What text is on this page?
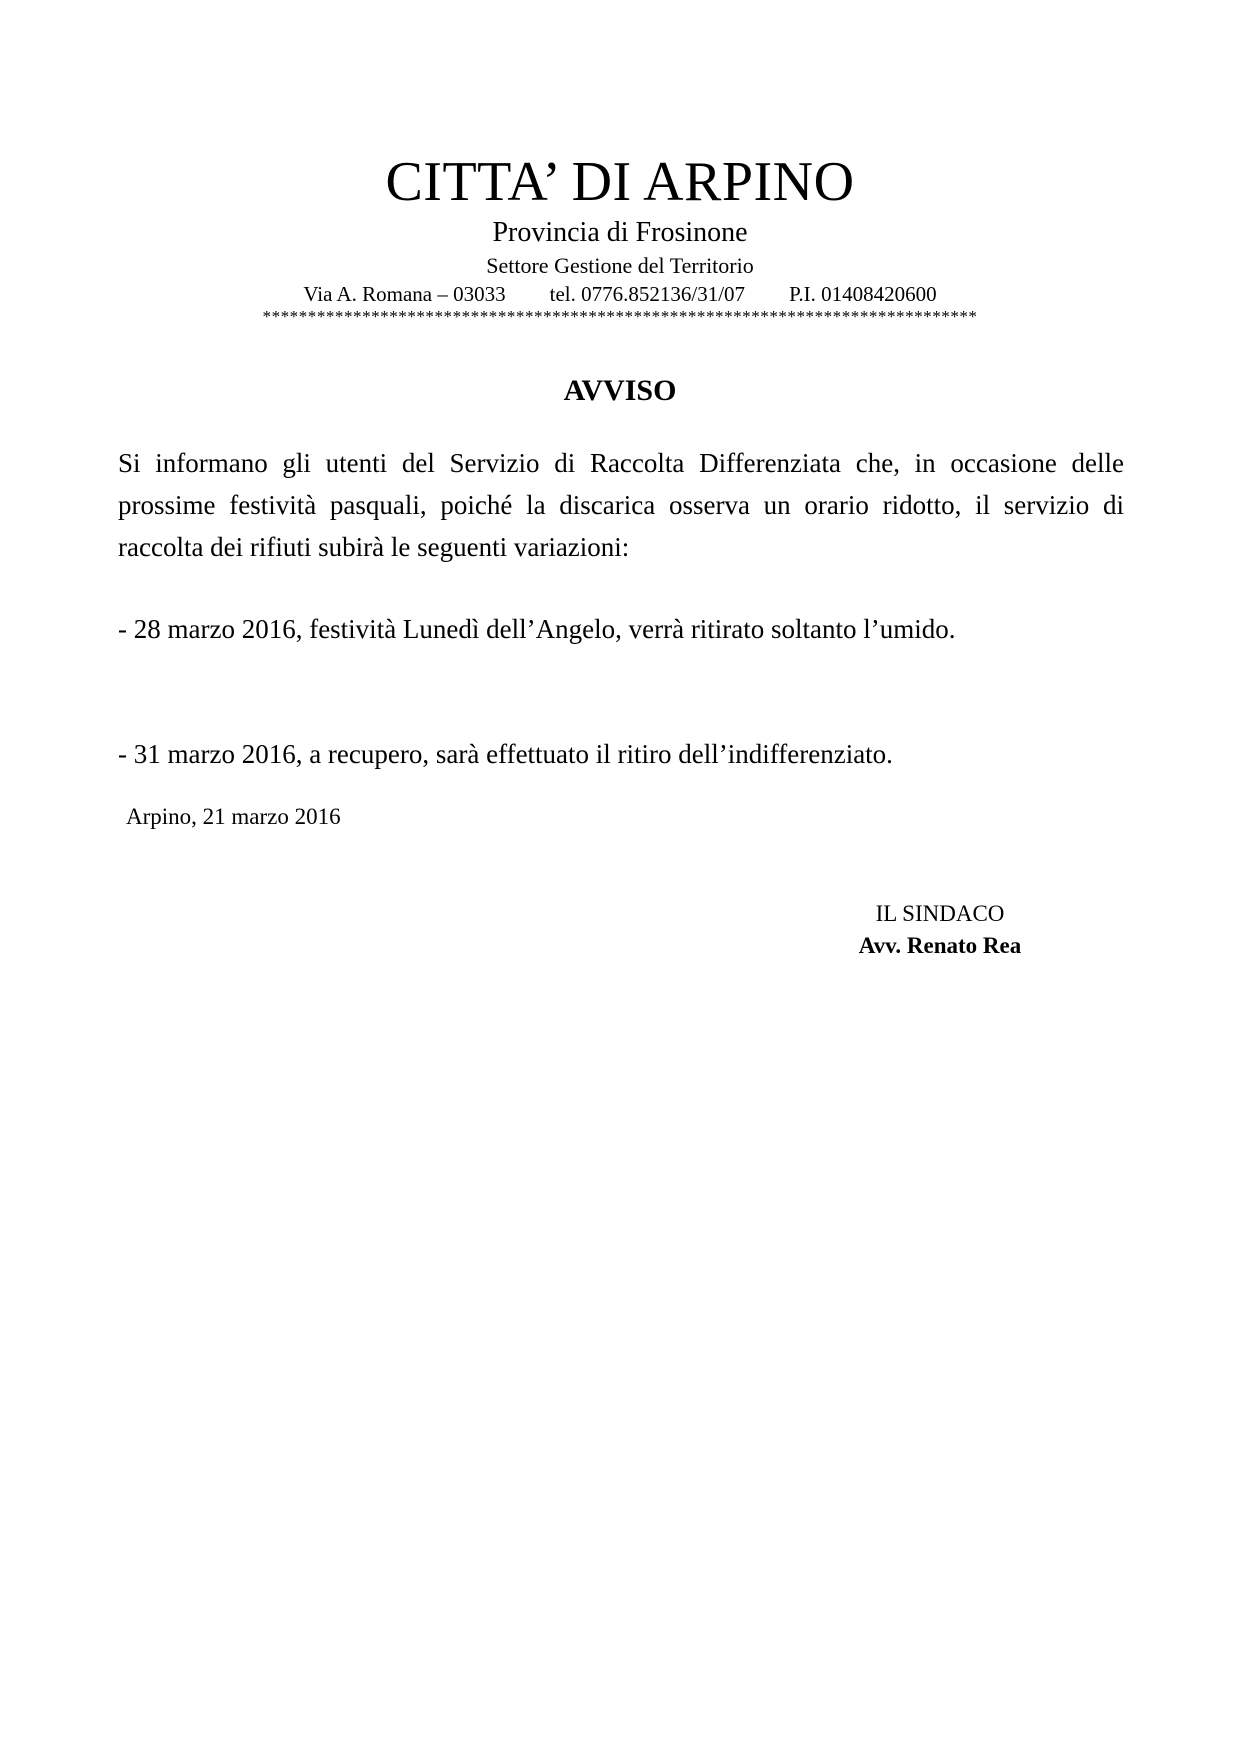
CITTA’ DI ARPINO
Provincia di Frosinone
Settore Gestione del Territorio
Via A. Romana – 03033 tel. 0776.852136/31/07 P.I. 01408420600
*******************************************************************************
AVVISO
Si informano gli utenti del Servizio di Raccolta Differenziata che, in occasione delle prossime festività pasquali, poiché la discarica osserva un orario ridotto, il servizio di raccolta dei rifiuti subirà le seguenti variazioni:
- 28 marzo 2016, festività Lunedì dell’Angelo, verrà ritirato soltanto l’umido.
- 31 marzo 2016, a recupero, sarà effettuato il ritiro dell’indifferenziato.
Arpino, 21 marzo 2016
IL SINDACO
Avv. Renato Rea
